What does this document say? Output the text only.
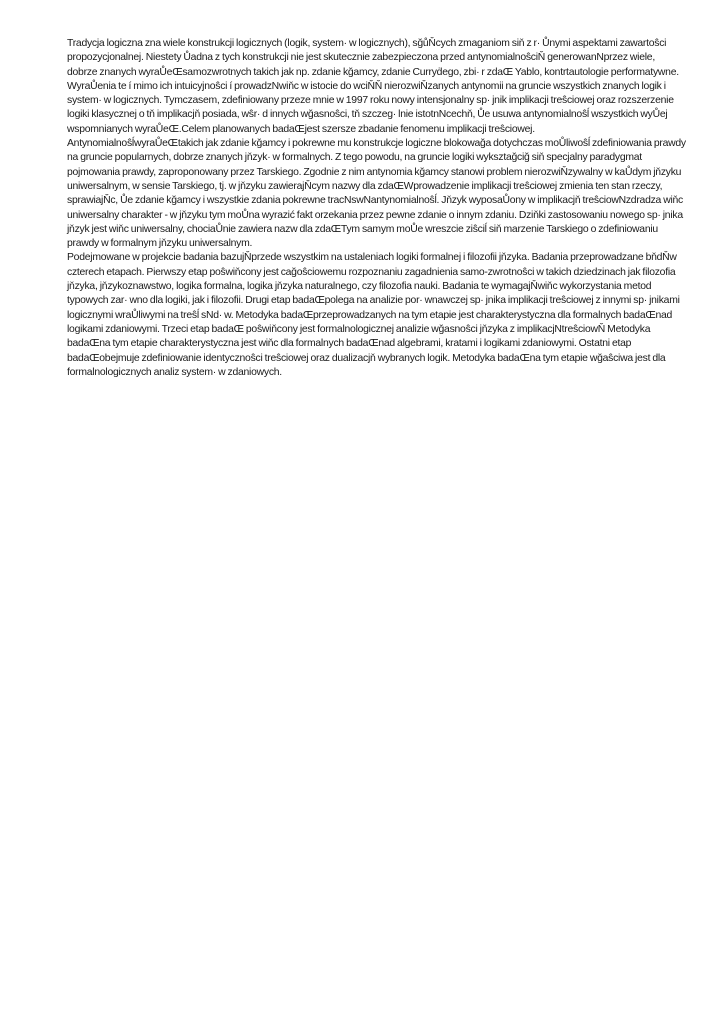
Tradycja logiczna zna wiele konstrukcji logicznych (logik, system· w logicznych), sğůŇcych zmaganiom siň z r· Ůnymi aspektami zawartoŝci propozycjonalnej. Niestety Ůadna z tych konstrukcji nie jest skutecznie zabezpieczona przed antynomialnoŝciŇ generowanNprzez wiele, dobrze znanych wyraŮeŒsamozwrotnych takich jak np. zdanie kğamcy, zdanie Curryḋego, zbi· r zdaŒ Yablo, kontrtautologie performatywne. WyraŮenia te í mimo ich intuicyjnoŝci í prowadzNwiňc w istocie do wciŇŇ nierozwiŇzanych antynomii na gruncie wszystkich znanych logik i system· w logicznych. Tymczasem, zdefiniowany przeze mnie w 1997 roku nowy intensjonalny sp· jnik implikacji treŝciowej oraz rozszerzenie logiki klasycznej o tň implikacjň posiada, wŝr· d innych wğasnoŝci, tň szczeg· lnie istotnNcechň, Ůe usuwa antynomialnoŝĺ wszystkich wyŮej wspomnianych wyraŮeŒ.Celem planowanych badaŒjest szersze zbadanie fenomenu implikacji treŝciowej.

AntynomialnoŝĺwyraŮeŒtakich jak zdanie kğamcy i pokrewne mu konstrukcje logiczne blokowağa dotychczas moŮliwoŝĺ zdefiniowania prawdy na gruncie popularnych, dobrze znanych jňzyk· w formalnych. Z tego powodu, na gruncie logiki wyksztağciğ siň specjalny paradygmat pojmowania prawdy, zaproponowany przez Tarskiego. Zgodnie z nim antynomia kğamcy stanowi problem nierozwiŇzywalny w kaŮdym jňzyku uniwersalnym, w sensie Tarskiego, tj. w jňzyku zawierajŇcym nazwy dla zdaŒWprowadzenie implikacji treŝciowej zmienia ten stan rzeczy, sprawiajŇc, Ůe zdanie kğamcy i wszystkie zdania pokrewne tracNswNantynomialnoŝĺ. Jňzyk wyposaŮony w implikacjň treŝciowNzdradza wiňc uniwersalny charakter - w jňzyku tym moŮna wyrazić fakt orzekania przez pewne zdanie o innym zdaniu. Dziňki zastosowaniu nowego sp· jnika jňzyk jest wiňc uniwersalny, chociaŮnie zawiera nazw dla zdaŒTym samym moŮe wreszcie ziŝciĺ siň marzenie Tarskiego o zdefiniowaniu prawdy w formalnym jňzyku uniwersalnym.

Podejmowane w projekcie badania bazujŇprzede wszystkim na ustaleniach logiki formalnej i filozofii jňzyka. Badania przeprowadzane bňdŇw czterech etapach. Pierwszy etap poŝwiňcony jest cağoŝciowemu rozpoznaniu zagadnienia samo-zwrotnoŝci w takich dziedzinach jak filozofia jňzyka, jňzykoznawstwo, logika formalna, logika jňzyka naturalnego, czy filozofia nauki. Badania te wymagajŇwiňc wykorzystania metod typowych zar· wno dla logiki, jak i filozofii. Drugi etap badaŒpolega na analizie por· wnawczej sp· jnika implikacji treŝciowej z innymi sp· jnikami logicznymi wraŮliwymi na treŝĺ sNd· w. Metodyka badaŒprzeprowadzanych na tym etapie jest charakterystyczna dla formalnych badaŒnad logikami zdaniowymi. Trzeci etap badaŒ poŝwiňcony jest formalnologicznej analizie wğasnoŝci jňzyka z implikacjNtreŝciowŇ Metodyka badaŒna tym etapie charakterystyczna jest wiňc dla formalnych badaŒnad algebrami, kratami i logikami zdaniowymi. Ostatni etap badaŒobejmuje zdefiniowanie identycznoŝci treŝciowej oraz dualizacjň wybranych logik. Metodyka badaŒna tym etapie wğaŝciwa jest dla formalnologicznych analiz system· w zdaniowych.
